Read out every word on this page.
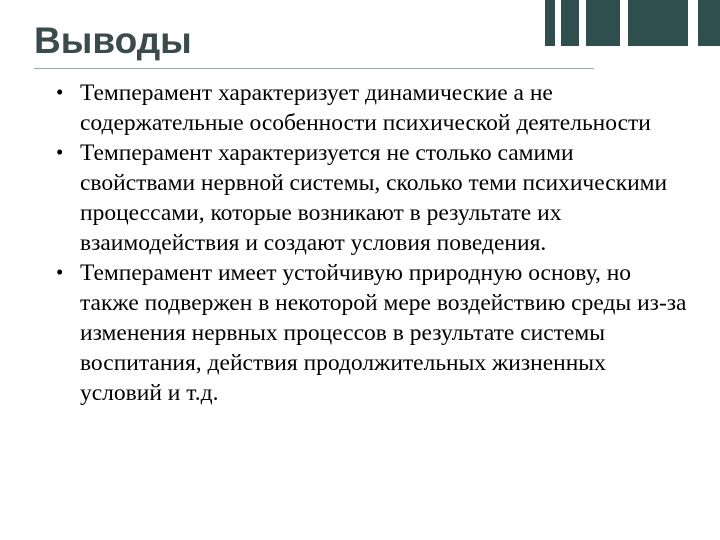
Выводы
• Темперамент характеризует динамические а не содержательные особенности психической деятельности
• Темперамент характеризуется не столько самими свойствами нервной системы, сколько теми психическими процессами, которые возникают в результате их взаимодействия и создают условия поведения.
• Темперамент имеет устойчивую природную основу, но также подвержен в некоторой мере воздействию среды из-за изменения нервных процессов в результате системы воспитания, действия продолжительных жизненных условий и т.д.
